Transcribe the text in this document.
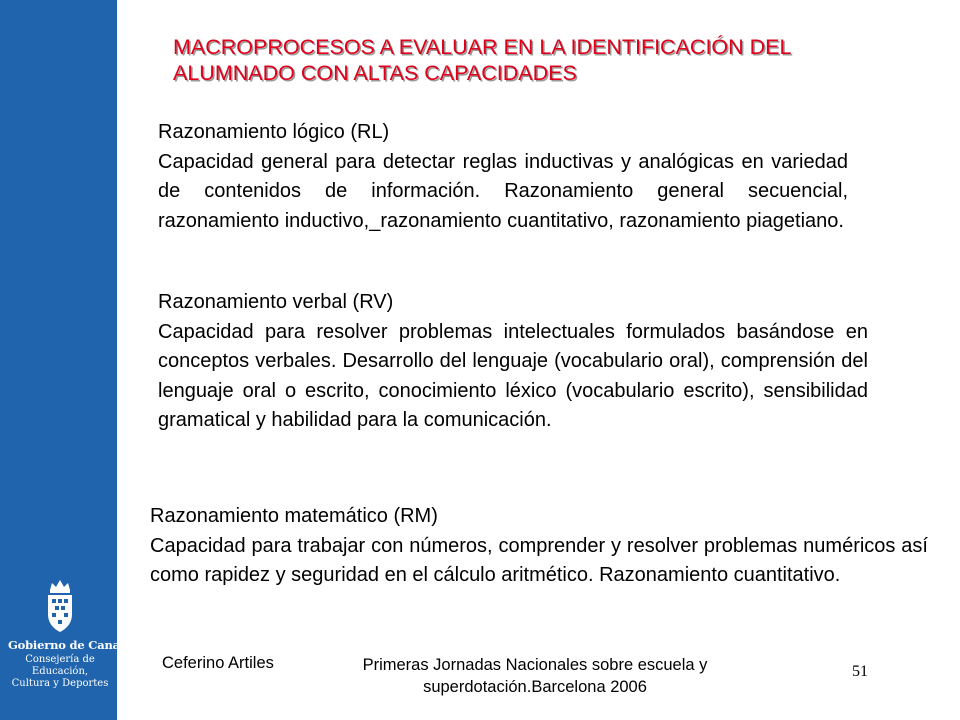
Gobierno de Canarias
Consejería de Educación,
Cultura y Deportes
MACROPROCESOS A EVALUAR EN LA IDENTIFICACIÓN DEL
ALUMNADO CON ALTAS CAPACIDADES
Razonamiento lógico (RL)
Capacidad general para detectar reglas inductivas y analógicas en variedad de contenidos de información. Razonamiento general secuencial, razonamiento inductivo,_razonamiento cuantitativo, razonamiento piagetiano.
Razonamiento verbal (RV)
Capacidad para resolver problemas intelectuales formulados basándose en conceptos verbales. Desarrollo del lenguaje (vocabulario oral), comprensión del lenguaje oral o escrito, conocimiento léxico (vocabulario escrito), sensibilidad gramatical y habilidad para la comunicación.
Razonamiento matemático (RM)
Capacidad para trabajar con números, comprender y resolver problemas numéricos así como rapidez y seguridad en el cálculo aritmético. Razonamiento cuantitativo.
Ceferino Artiles	Primeras Jornadas Nacionales sobre escuela y superdotación.Barcelona 2006
51
